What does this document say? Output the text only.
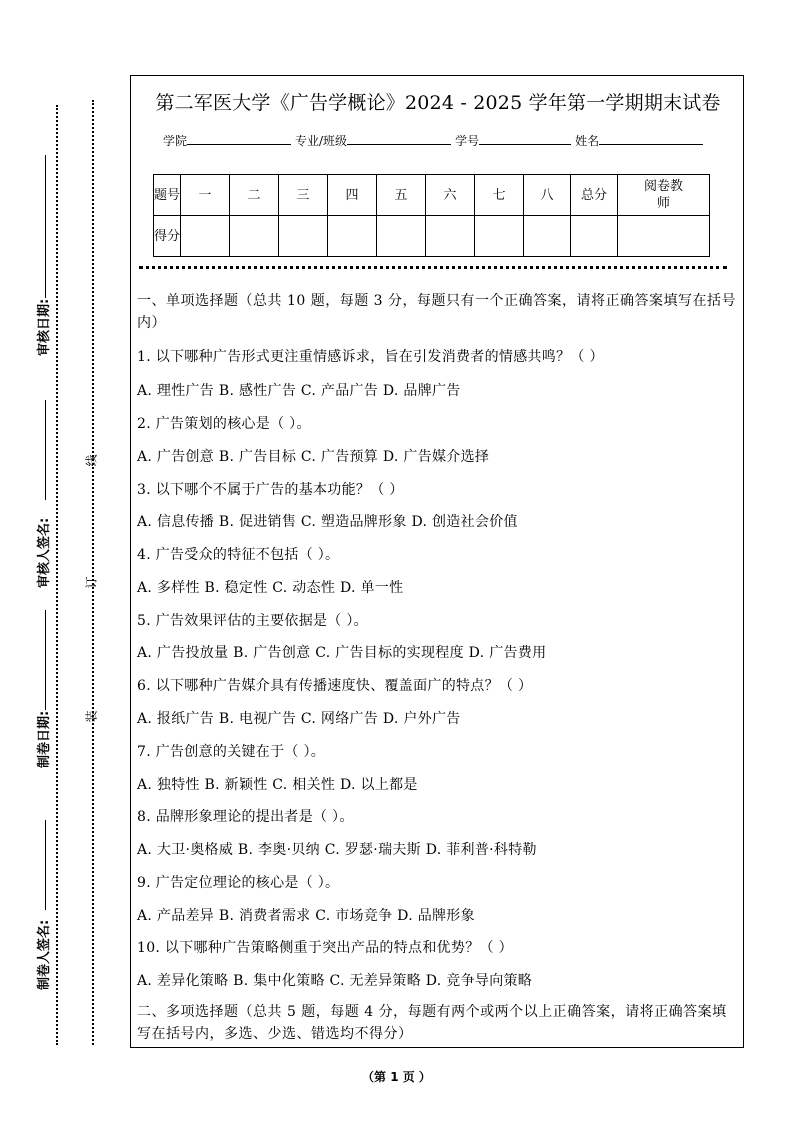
审核日期:
审核人签名:
制卷日期:
制卷人签名:
线
订
装
第二军医大学《广告学概论》2024 - 2025 学年第一学期期末试卷
学院	专业/班级	学号	姓名
题号	一	二	三	四	五	六	七	八	总分	阅卷教师
得分										
一、单项选择题（总共 10 题，每题 3 分，每题只有一个正确答案，请将正确答案填写在括号内）
1. 以下哪种广告形式更注重情感诉求，旨在引发消费者的情感共鸣？（ ）
A. 理性广告 B. 感性广告 C. 产品广告 D. 品牌广告
2. 广告策划的核心是（ ）。
A. 广告创意 B. 广告目标 C. 广告预算 D. 广告媒介选择
3. 以下哪个不属于广告的基本功能？（ ）
A. 信息传播 B. 促进销售 C. 塑造品牌形象 D. 创造社会价值
4. 广告受众的特征不包括（ ）。
A. 多样性 B. 稳定性 C. 动态性 D. 单一性
5. 广告效果评估的主要依据是（ ）。
A. 广告投放量 B. 广告创意 C. 广告目标的实现程度 D. 广告费用
6. 以下哪种广告媒介具有传播速度快、覆盖面广的特点？（ ）
A. 报纸广告 B. 电视广告 C. 网络广告 D. 户外广告
7. 广告创意的关键在于（ ）。
A. 独特性 B. 新颖性 C. 相关性 D. 以上都是
8. 品牌形象理论的提出者是（ ）。
A. 大卫·奥格威 B. 李奥·贝纳 C. 罗瑟·瑞夫斯 D. 菲利普·科特勒
9. 广告定位理论的核心是（ ）。
A. 产品差异 B. 消费者需求 C. 市场竞争 D. 品牌形象
10. 以下哪种广告策略侧重于突出产品的特点和优势？（ ）
A. 差异化策略 B. 集中化策略 C. 无差异策略 D. 竞争导向策略
二、多项选择题（总共 5 题，每题 4 分，每题有两个或两个以上正确答案，请将正确答案填写在括号内，多选、少选、错选均不得分）
（第 1 页 ）
